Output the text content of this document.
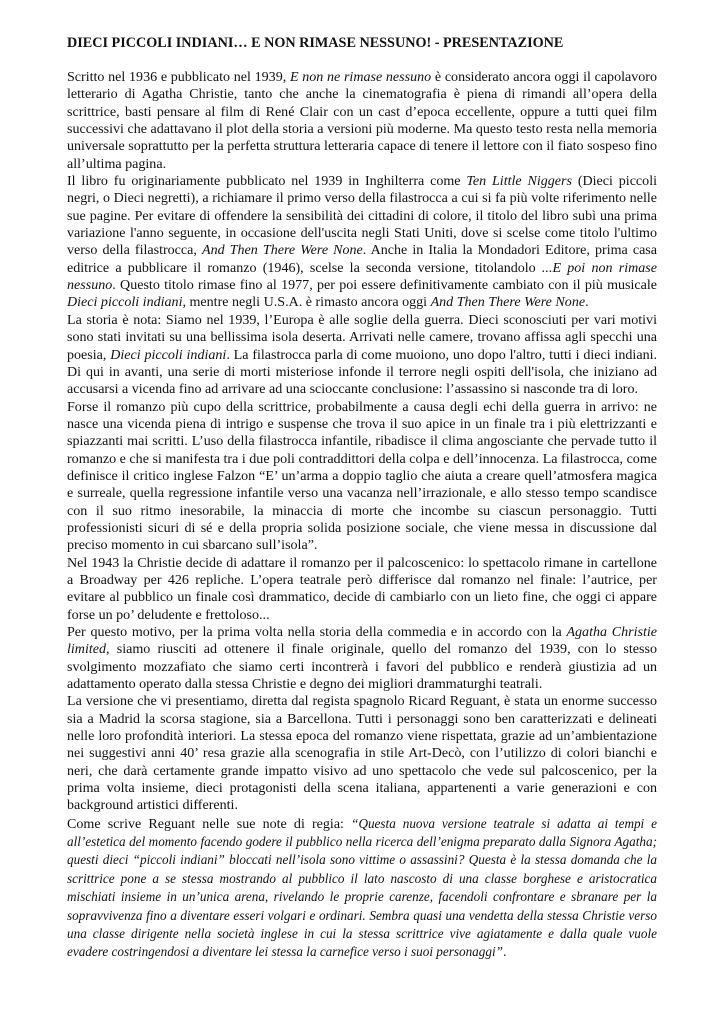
DIECI PICCOLI INDIANI… E NON RIMASE NESSUNO! - PRESENTAZIONE

Scritto nel 1936 e pubblicato nel 1939, E non ne rimase nessuno è considerato ancora oggi il capolavoro letterario di Agatha Christie, tanto che anche la cinematografia è piena di rimandi all’opera della scrittrice, basti pensare al film di René Clair con un cast d’epoca eccellente, oppure a tutti quei film successivi che adattavano il plot della storia a versioni più moderne. Ma questo testo resta nella memoria universale soprattutto per la perfetta struttura letteraria capace di tenere il lettore con il fiato sospeso fino all’ultima pagina.

Il libro fu originariamente pubblicato nel 1939 in Inghilterra come Ten Little Niggers (Dieci piccoli negri, o Dieci negretti), a richiamare il primo verso della filastrocca a cui si fa più volte riferimento nelle sue pagine. Per evitare di offendere la sensibilità dei cittadini di colore, il titolo del libro subì una prima variazione l'anno seguente, in occasione dell'uscita negli Stati Uniti, dove si scelse come titolo l'ultimo verso della filastrocca, And Then There Were None. Anche in Italia la Mondadori Editore, prima casa editrice a pubblicare il romanzo (1946), scelse la seconda versione, titolandolo ...E poi non rimase nessuno. Questo titolo rimase fino al 1977, per poi essere definitivamente cambiato con il più musicale Dieci piccoli indiani, mentre negli U.S.A. è rimasto ancora oggi And Then There Were None.

La storia è nota: Siamo nel 1939, l’Europa è alle soglie della guerra. Dieci sconosciuti per vari motivi sono stati invitati su una bellissima isola deserta. Arrivati nelle camere, trovano affissa agli specchi una poesia, Dieci piccoli indiani. La filastrocca parla di come muoiono, uno dopo l'altro, tutti i dieci indiani. Di qui in avanti, una serie di morti misteriose infonde il terrore negli ospiti dell'isola, che iniziano ad accusarsi a vicenda fino ad arrivare ad una scioccante conclusione: l’assassino si nasconde tra di loro.

Forse il romanzo più cupo della scrittrice, probabilmente a causa degli echi della guerra in arrivo: ne nasce una vicenda piena di intrigo e suspense che trova il suo apice in un finale tra i più elettrizzanti e spiazzanti mai scritti. L’uso della filastrocca infantile, ribadisce il clima angosciante che pervade tutto il romanzo e che si manifesta tra i due poli contraddittori della colpa e dell’innocenza. La filastrocca, come definisce il critico inglese Falzon “E’ un’arma a doppio taglio che aiuta a creare quell’atmosfera magica e surreale, quella regressione infantile verso una vacanza nell’irrazionale, e allo stesso tempo scandisce con il suo ritmo inesorabile, la minaccia di morte che incombe su ciascun personaggio. Tutti professionisti sicuri di sé e della propria solida posizione sociale, che viene messa in discussione dal preciso momento in cui sbarcano sull’isola”.

Nel 1943 la Christie decide di adattare il romanzo per il palcoscenico: lo spettacolo rimane in cartellone a Broadway per 426 repliche. L’opera teatrale però differisce dal romanzo nel finale: l’autrice, per evitare al pubblico un finale così drammatico, decide di cambiarlo con un lieto fine, che oggi ci appare forse un po’ deludente e frettoloso...

Per questo motivo, per la prima volta nella storia della commedia e in accordo con la Agatha Christie limited, siamo riusciti ad ottenere il finale originale, quello del romanzo del 1939, con lo stesso svolgimento mozzafiato che siamo certi incontrerà i favori del pubblico e renderà giustizia ad un adattamento operato dalla stessa Christie e degno dei migliori drammaturghi teatrali.

La versione che vi presentiamo, diretta dal regista spagnolo Ricard Reguant, è stata un enorme successo sia a Madrid la scorsa stagione, sia a Barcellona. Tutti i personaggi sono ben caratterizzati e delineati nelle loro profondità interiori. La stessa epoca del romanzo viene rispettata, grazie ad un’ambientazione nei suggestivi anni 40’ resa grazie alla scenografia in stile Art-Decò, con l’utilizzo di colori bianchi e neri, che darà certamente grande impatto visivo ad uno spettacolo che vede sul palcoscenico, per la prima volta insieme, dieci protagonisti della scena italiana, appartenenti a varie generazioni e con background artistici differenti.

Come scrive Reguant nelle sue note di regia: “Questa nuova versione teatrale si adatta ai tempi e all’estetica del momento facendo godere il pubblico nella ricerca dell’enigma preparato dalla Signora Agatha; questi dieci “piccoli indiani” bloccati nell’isola sono vittime o assassini? Questa è la stessa domanda che la scrittrice pone a se stessa mostrando al pubblico il lato nascosto di una classe borghese e aristocratica mischiati insieme in un’unica arena, rivelando le proprie carenze, facendoli confrontare e sbranare per la sopravvivenza fino a diventare esseri volgari e ordinari. Sembra quasi una vendetta della stessa Christie verso una classe dirigente nella società inglese in cui la stessa scrittrice vive agiatamente e dalla quale vuole evadere costringendosi a diventare lei stessa la carnefice verso i suoi personaggi”.
